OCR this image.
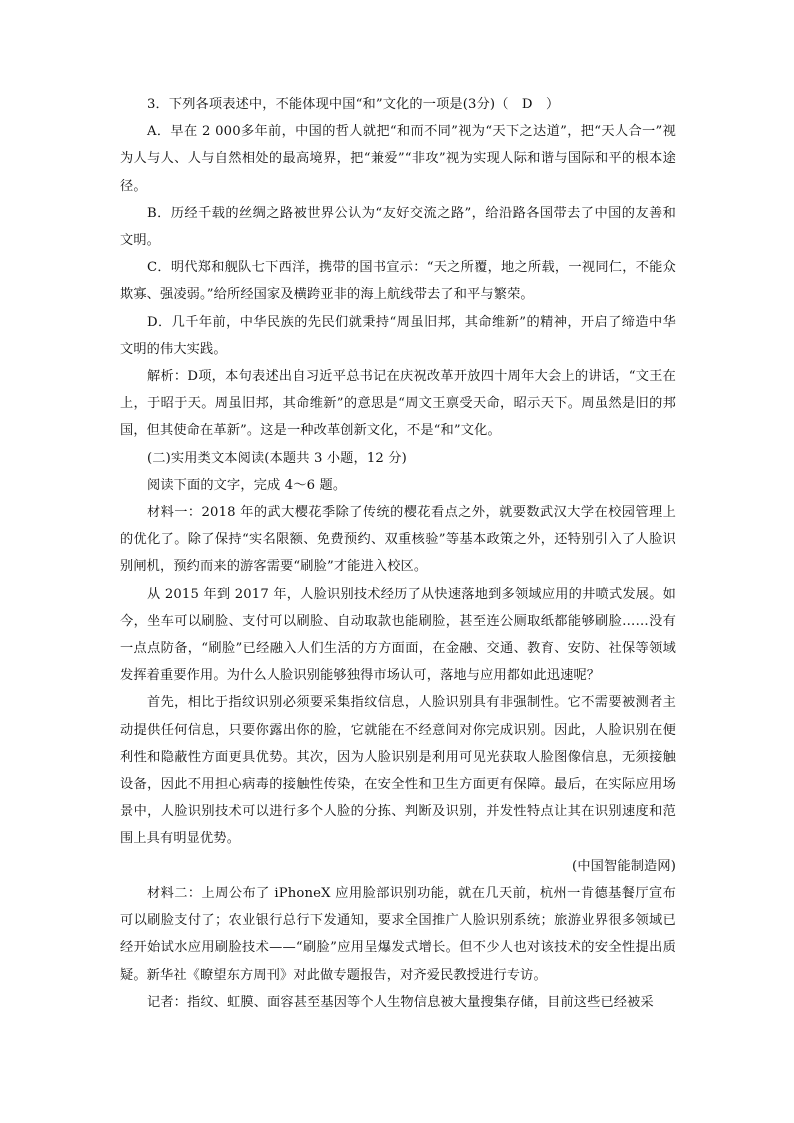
3．下列各项表述中，不能体现中国“和”文化的一项是(3分)（　D　）

A．早在 2 000多年前，中国的哲人就把“和而不同”视为“天下之达道”，把“天人合一”视为人与人、人与自然相处的最高境界，把“兼爱”“非攻”视为实现人际和谐与国际和平的根本途径。

B．历经千载的丝绸之路被世界公认为“友好交流之路”，给沿路各国带去了中国的友善和文明。

C．明代郑和舰队七下西洋，携带的国书宣示：“天之所覆，地之所载，一视同仁，不能众欺寡、强凌弱。”给所经国家及横跨亚非的海上航线带去了和平与繁荣。

D．几千年前，中华民族的先民们就秉持“周虽旧邦，其命维新”的精神，开启了缔造中华文明的伟大实践。

解析：D项，本句表述出自习近平总书记在庆祝改革开放四十周年大会上的讲话，“文王在上，于昭于天。周虽旧邦，其命维新”的意思是“周文王禀受天命，昭示天下。周虽然是旧的邦国，但其使命在革新”。这是一种改革创新文化，不是“和”文化。

(二)实用类文本阅读(本题共 3 小题，12 分)

阅读下面的文字，完成 4～6 题。

材料一：2018 年的武大樱花季除了传统的樱花看点之外，就要数武汉大学在校园管理上的优化了。除了保持“实名限额、免费预约、双重核验”等基本政策之外，还特别引入了人脸识别闸机，预约而来的游客需要“刷脸”才能进入校区。

从 2015 年到 2017 年，人脸识别技术经历了从快速落地到多领域应用的井喷式发展。如今，坐车可以刷脸、支付可以刷脸、自动取款也能刷脸，甚至连公厕取纸都能够刷脸……没有一点点防备，“刷脸”已经融入人们生活的方方面面，在金融、交通、教育、安防、社保等领域发挥着重要作用。为什么人脸识别能够独得市场认可，落地与应用都如此迅速呢？

首先，相比于指纹识别必须要采集指纹信息，人脸识别具有非强制性。它不需要被测者主动提供任何信息，只要你露出你的脸，它就能在不经意间对你完成识别。因此，人脸识别在便利性和隐蔽性方面更具优势。其次，因为人脸识别是利用可见光获取人脸图像信息，无须接触设备，因此不用担心病毒的接触性传染，在安全性和卫生方面更有保障。最后，在实际应用场景中，人脸识别技术可以进行多个人脸的分拣、判断及识别，并发性特点让其在识别速度和范围上具有明显优势。

(中国智能制造网)

材料二：上周公布了 iPhoneX 应用脸部识别功能，就在几天前，杭州一肯德基餐厅宣布可以刷脸支付了；农业银行总行下发通知，要求全国推广人脸识别系统；旅游业界很多领域已经开始试水应用刷脸技术——“刷脸”应用呈爆发式增长。但不少人也对该技术的安全性提出质疑。新华社《瞭望东方周刊》对此做专题报告，对齐爱民教授进行专访。

记者：指纹、虹膜、面容甚至基因等个人生物信息被大量搜集存储，目前这些已经被采
